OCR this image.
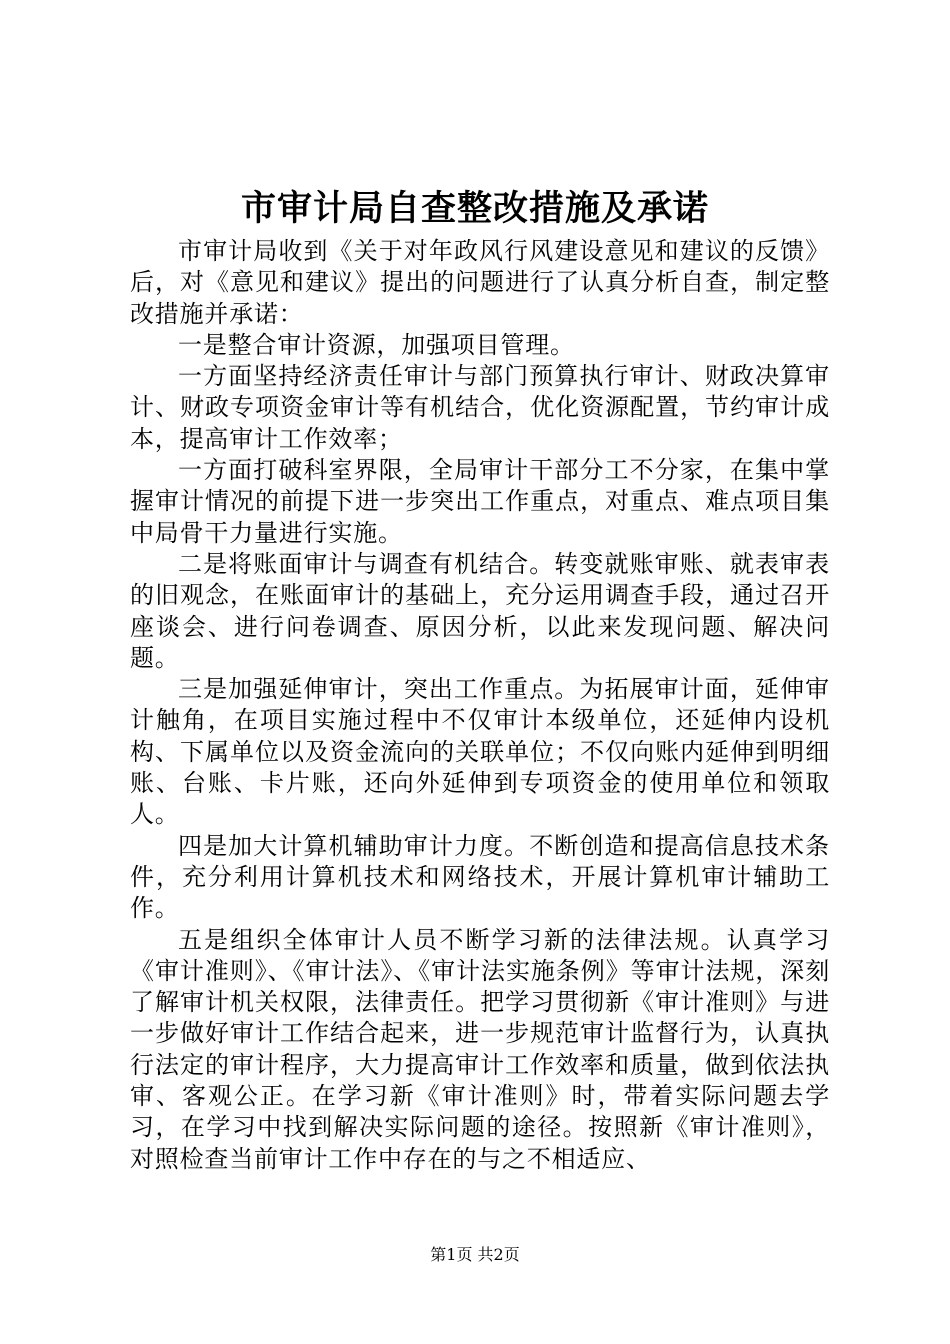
市审计局自查整改措施及承诺

市审计局收到《关于对年政风行风建设意见和建议的反馈》后，对《意见和建议》提出的问题进行了认真分析自查，制定整改措施并承诺：

一是整合审计资源，加强项目管理。

一方面坚持经济责任审计与部门预算执行审计、财政决算审计、财政专项资金审计等有机结合，优化资源配置，节约审计成本，提高审计工作效率；

一方面打破科室界限，全局审计干部分工不分家，在集中掌握审计情况的前提下进一步突出工作重点，对重点、难点项目集中局骨干力量进行实施。

二是将账面审计与调查有机结合。转变就账审账、就表审表的旧观念，在账面审计的基础上，充分运用调查手段，通过召开座谈会、进行问卷调查、原因分析，以此来发现问题、解决问题。

三是加强延伸审计，突出工作重点。为拓展审计面，延伸审计触角，在项目实施过程中不仅审计本级单位，还延伸内设机构、下属单位以及资金流向的关联单位；不仅向账内延伸到明细账、台账、卡片账，还向外延伸到专项资金的使用单位和领取人。

四是加大计算机辅助审计力度。不断创造和提高信息技术条件，充分利用计算机技术和网络技术，开展计算机审计辅助工作。

五是组织全体审计人员不断学习新的法律法规。认真学习《审计准则》、《审计法》、《审计法实施条例》等审计法规，深刻了解审计机关权限，法律责任。把学习贯彻新《审计准则》与进一步做好审计工作结合起来，进一步规范审计监督行为，认真执行法定的审计程序，大力提高审计工作效率和质量，做到依法执审、客观公正。在学习新《审计准则》时，带着实际问题去学习，在学习中找到解决实际问题的途径。按照新《审计准则》，对照检查当前审计工作中存在的与之不相适应、

第1页 共2页
